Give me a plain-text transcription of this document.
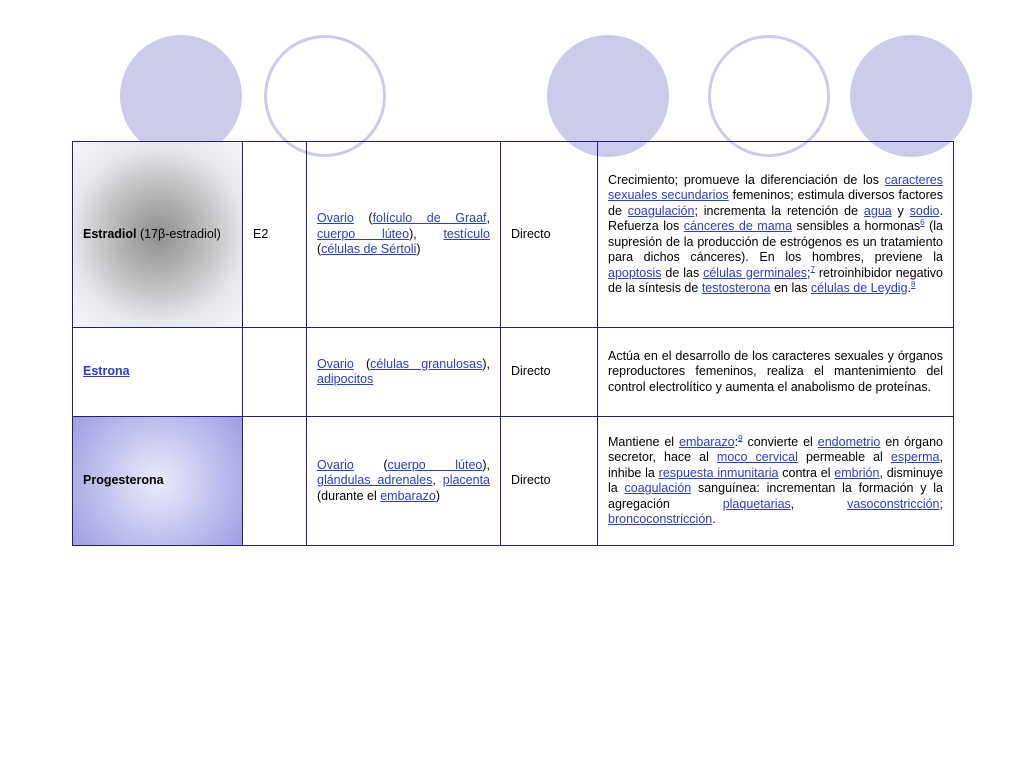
Estradiol (17β-estradiol)	E2	Ovario (folículo de Graaf, cuerpo lúteo), testículo (células de Sértoli)	Directo	Crecimiento; promueve la diferenciación de los caracteres sexuales secundarios femeninos; estimula diversos factores de coagulación; incrementa la retención de agua y sodio. Refuerza los cánceres de mama sensibles a hormonas$^6$ (la supresión de la producción de estrógenos es un tratamiento para dichos cánceres). En los hombres, previene la apoptosis de las células germinales;$^7$ retroinhibidor negativo de la síntesis de testosterona en las células de Leydig.$^8$
Estrona		Ovario (células granulosas), adipocitos	Directo	Actúa en el desarrollo de los caracteres sexuales y órganos reproductores femeninos, realiza el mantenimiento del control electrolítico y aumenta el anabolismo de proteínas.
Progesterona		Ovario (cuerpo lúteo), glándulas adrenales, placenta (durante el embarazo)	Directo	Mantiene el embarazo:$^9$ convierte el endometrio en órgano secretor, hace al moco cervical permeable al esperma, inhibe la respuesta inmunitaria contra el embrión, disminuye la coagulación sanguínea: incrementan la formación y la agregación plaquetarias, vasoconstricción; broncoconstricción.
